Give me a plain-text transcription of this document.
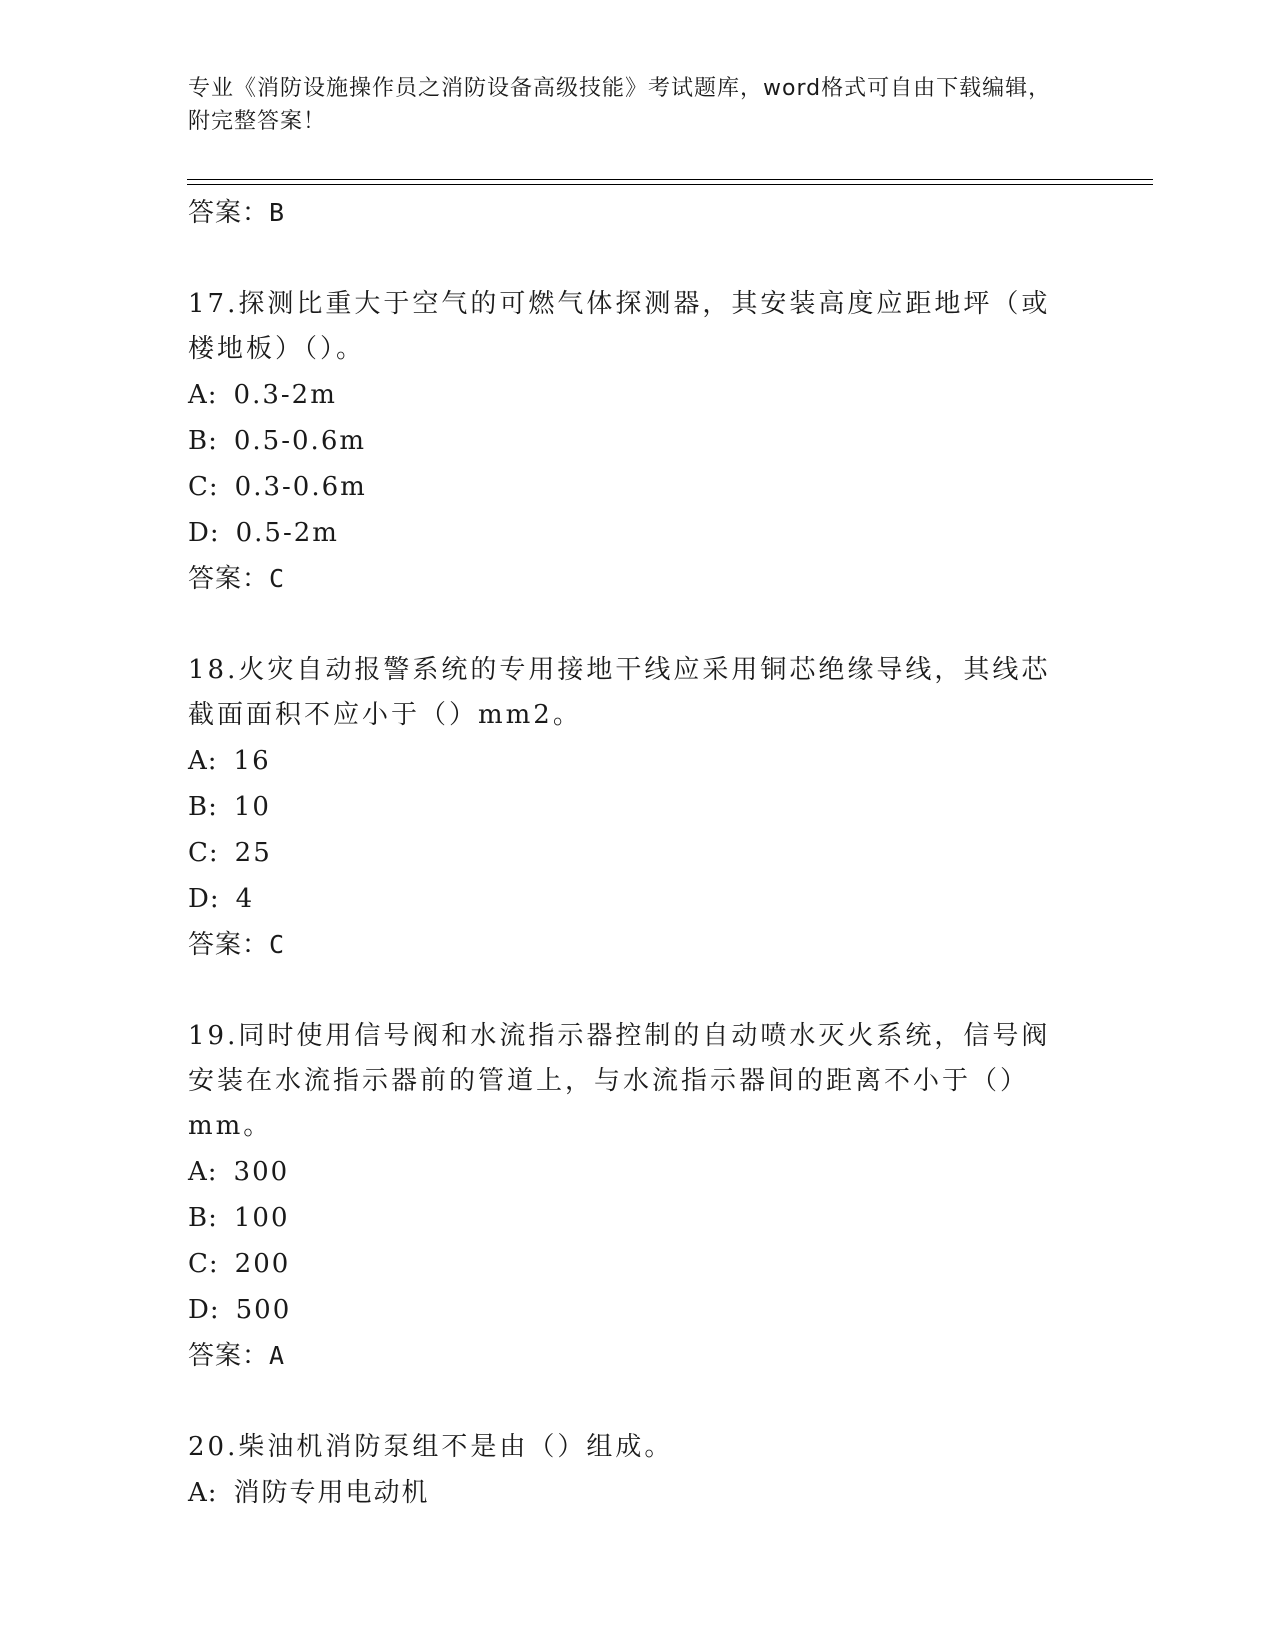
专业《消防设施操作员之消防设备高级技能》考试题库，word格式可自由下载编辑，附完整答案！
答案：B
17.探测比重大于空气的可燃气体探测器，其安装高度应距地坪（或楼地板）（）。
A: 0.3-2m
B: 0.5-0.6m
C: 0.3-0.6m
D: 0.5-2m
答案：C
18.火灾自动报警系统的专用接地干线应采用铜芯绝缘导线，其线芯截面面积不应小于（）mm2。
A: 16
B: 10
C: 25
D: 4
答案：C
19.同时使用信号阀和水流指示器控制的自动喷水灭火系统，信号阀安装在水流指示器前的管道上，与水流指示器间的距离不小于（）mm。
A: 300
B: 100
C: 200
D: 500
答案：A
20.柴油机消防泵组不是由（）组成。
A: 消防专用电动机
